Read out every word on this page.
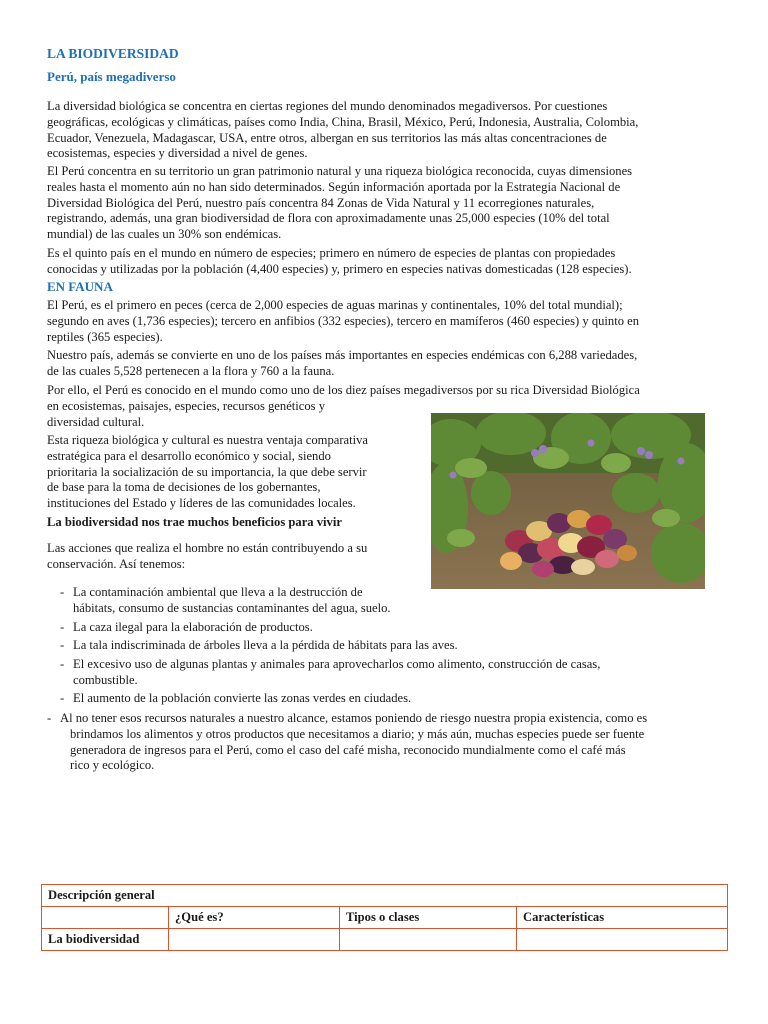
LA BIODIVERSIDAD
Perú, país megadiverso
La diversidad biológica se concentra en ciertas regiones del mundo denominados megadiversos. Por cuestiones
geográficas, ecológicas y climáticas, países como India, China, Brasil, México, Perú, Indonesia, Australia, Colombia,
Ecuador, Venezuela, Madagascar, USA, entre otros, albergan en sus territorios las más altas concentraciones de
ecosistemas, especies y diversidad a nivel de genes.
El Perú concentra en su territorio un gran patrimonio natural y una riqueza biológica reconocida, cuyas dimensiones
reales hasta el momento aún no han sido determinados. Según información aportada por la Estrategia Nacional de
Diversidad Biológica del Perú, nuestro país concentra 84 Zonas de Vida Natural y 11 ecorregiones naturales,
registrando, además, una gran biodiversidad de flora con aproximadamente unas 25,000 especies (10% del total
mundial) de las cuales un 30% son endémicas.
Es el quinto país en el mundo en número de especies; primero en número de especies de plantas con propiedades
conocidas y utilizadas por la población (4,400 especies) y, primero en especies nativas domesticadas (128 especies).
EN FAUNA
El Perú, es el primero en peces (cerca de 2,000 especies de aguas marinas y continentales, 10% del total mundial);
segundo en aves (1,736 especies); tercero en anfibios (332 especies), tercero en mamíferos (460 especies) y quinto en
reptiles (365 especies).
Nuestro país, además se convierte en uno de los países más importantes en especies endémicas con 6,288 variedades,
de las cuales 5,528 pertenecen a la flora y 760 a la fauna.
Por ello, el Perú es conocido en el mundo como uno de los diez países megadiversos por su rica Diversidad Biológica
en ecosistemas, paisajes, especies, recursos genéticos y
diversidad cultural.
Esta riqueza biológica y cultural es nuestra ventaja comparativa
estratégica para el desarrollo económico y social, siendo
prioritaria la socialización de su importancia, la que debe servir
de base para la toma de decisiones de los gobernantes,
instituciones del Estado y líderes de las comunidades locales.
La biodiversidad nos trae muchos beneficios para vivir
Las acciones que realiza el hombre no están contribuyendo a su
conservación. Así tenemos:
- La contaminación ambiental que lleva a la destrucción de
hábitats, consumo de sustancias contaminantes del agua, suelo.
- La caza ilegal para la elaboración de productos.
- La tala indiscriminada de árboles lleva a la pérdida de hábitats para las aves.
- El excesivo uso de algunas plantas y animales para aprovecharlos como alimento, construcción de casas,
combustible.
- El aumento de la población convierte las zonas verdes en ciudades.
- Al no tener esos recursos naturales a nuestro alcance, estamos poniendo de riesgo nuestra propia existencia, como es
brindamos los alimentos y otros productos que necesitamos a diario; y más aún, muchas especies puede ser fuente
generadora de ingresos para el Perú, como el caso del café misha, reconocido mundialmente como el café más
rico y ecológico.
Descripción general			
	¿Qué es?	Tipos o clases	Características
La biodiversidad			
